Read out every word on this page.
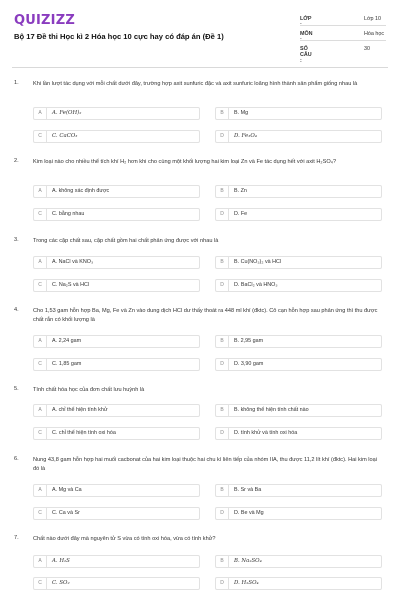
QUIZIZZ
Bộ 17 Đề thi Học kì 2 Hóa học 10 cực hay có đáp án (Đề 1)
LỚP :
Lớp 10
MÔN :
Hóa học
SỐ CÂU :
30
1.	Khi lần lượt tác dụng với mỗi chất dưới đây, trường hợp axit sunfuric đặc và axit sunfuric loãng hình thành sản phẩm giống nhau là
A	A. Fe(OH)₂	B	B. Mg
C	C. CaCO₃	D	D. Fe₃O₄
2.	Kim loại nào cho nhiều thể tích khí H₂ hơn khi cho cùng một khối lượng hai kim loại Zn và Fe tác dụng hết với axit H₂SO₄?
A	A. không xác định được	B	B. Zn
C	C. bằng nhau	D	D. Fe
3.	Trong các cặp chất sau, cặp chất gồm hai chất phản ứng được với nhau là
A	A. NaCl và KNO₃	B	B. Cu(NO₃)₂ và HCl
C	C. Na₂S và HCl	D	D. BaCl₂ và HNO₃
4.	Cho 1,53 gam hỗn hợp Ba, Mg, Fe và Zn vào dung dịch HCl dư thấy thoát ra 448 ml khí (đktc). Cô cạn hỗn hợp sau phản ứng thì thu được chất rắn có khối lượng là
A	A. 2,24 gam	B	B. 2,95 gam
C	C. 1,85 gam	D	D. 3,90 gam
5.	Tính chất hóa học của đơn chất lưu huỳnh là
A	A. chỉ thể hiện tính khử	B	B. không thể hiện tính chất nào
C	C. chỉ thể hiện tính oxi hóa	D	D. tính khử và tính oxi hóa
6.	Nung 43,8 gam hỗn hợp hai muối cacbonat của hai kim loại thuộc hai chu kì liên tiếp của nhóm IIA, thu được 11,2 lít khí (đktc). Hai kim loại đó là
A	A. Mg và Ca	B	B. Sr và Ba
C	C. Ca và Sr	D	D. Be và Mg
7.	Chất nào dưới đây mà nguyên tử S vừa có tính oxi hóa, vừa có tính khử?
A	A. H₂S	B	B. Na₂SO₄
C	C. SO₂	D	D. H₂SO₄
